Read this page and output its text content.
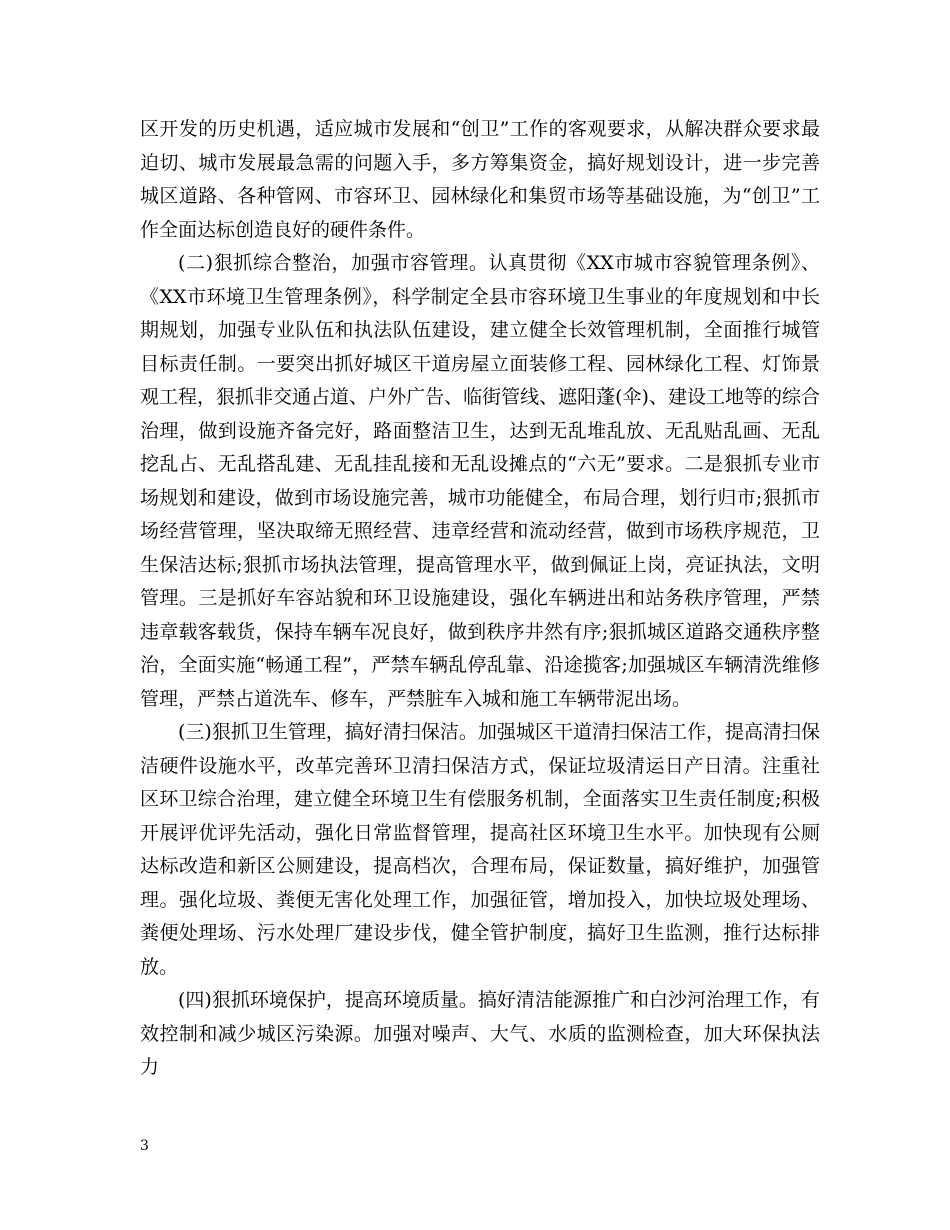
区开发的历史机遇，适应城市发展和“创卫”工作的客观要求，从解决群众要求最迫切、城市发展最急需的问题入手，多方筹集资金，搞好规划设计，进一步完善城区道路、各种管网、市容环卫、园林绿化和集贸市场等基础设施，为“创卫”工作全面达标创造良好的硬件条件。

(二)狠抓综合整治，加强市容管理。认真贯彻《XX市城市容貌管理条例》、《XX市环境卫生管理条例》，科学制定全县市容环境卫生事业的年度规划和中长期规划，加强专业队伍和执法队伍建设，建立健全长效管理机制，全面推行城管目标责任制。一要突出抓好城区干道房屋立面装修工程、园林绿化工程、灯饰景观工程，狠抓非交通占道、户外广告、临街管线、遮阳蓬(伞)、建设工地等的综合治理，做到设施齐备完好，路面整洁卫生，达到无乱堆乱放、无乱贴乱画、无乱挖乱占、无乱搭乱建、无乱挂乱接和无乱设摊点的“六无”要求。二是狠抓专业市场规划和建设，做到市场设施完善，城市功能健全，布局合理，划行归市;狠抓市场经营管理，坚决取缔无照经营、违章经营和流动经营，做到市场秩序规范，卫生保洁达标;狠抓市场执法管理，提高管理水平，做到佩证上岗，亮证执法，文明管理。三是抓好车容站貌和环卫设施建设，强化车辆进出和站务秩序管理，严禁违章载客载货，保持车辆车况良好，做到秩序井然有序;狠抓城区道路交通秩序整治，全面实施“畅通工程”，严禁车辆乱停乱靠、沿途揽客;加强城区车辆清洗维修管理，严禁占道洗车、修车，严禁脏车入城和施工车辆带泥出场。

(三)狠抓卫生管理，搞好清扫保洁。加强城区干道清扫保洁工作，提高清扫保洁硬件设施水平，改革完善环卫清扫保洁方式，保证垃圾清运日产日清。注重社区环卫综合治理，建立健全环境卫生有偿服务机制，全面落实卫生责任制度;积极开展评优评先活动，强化日常监督管理，提高社区环境卫生水平。加快现有公厕达标改造和新区公厕建设，提高档次，合理布局，保证数量，搞好维护，加强管理。强化垃圾、粪便无害化处理工作，加强征管，增加投入，加快垃圾处理场、粪便处理场、污水处理厂建设步伐，健全管护制度，搞好卫生监测，推行达标排放。

(四)狠抓环境保护，提高环境质量。搞好清洁能源推广和白沙河治理工作，有效控制和减少城区污染源。加强对噪声、大气、水质的监测检查，加大环保执法力

3
